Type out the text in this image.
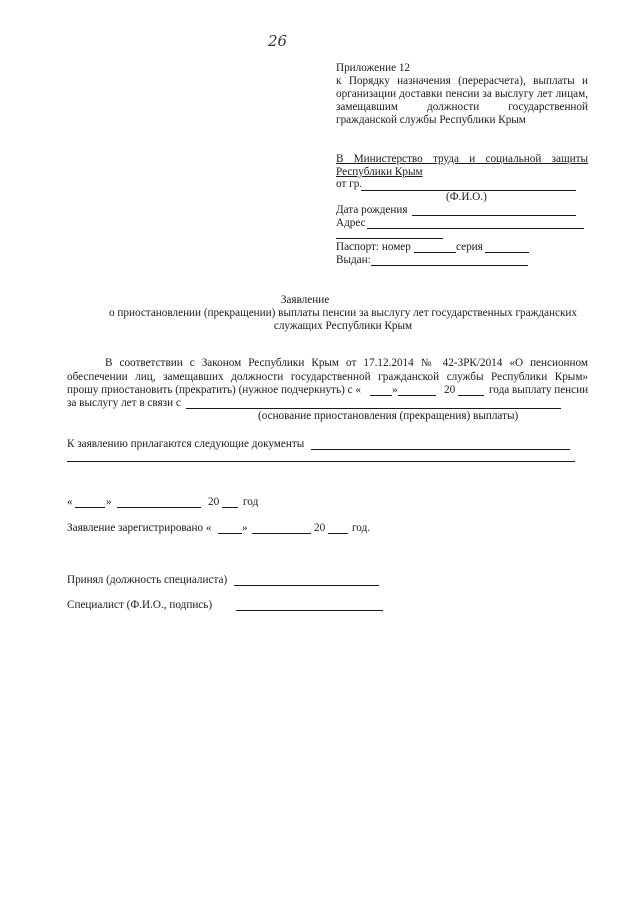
26
Приложение 12
к Порядку назначения (перерасчета), выплаты и
организации доставки пенсии за выслугу лет лицам,
замещавшим должности государственной
гражданской службы Республики Крым
В Министерство труда и социальной защиты
Республики Крым
от гр.
(Ф.И.О.)
Дата рождения
Адрес
Паспорт: номер	серия
Выдан:
Заявление
о приостановлении (прекращении) выплаты пенсии за выслугу лет государственных гражданских
служащих Республики Крым
В соответствии с Законом Республики Крым от 17.12.2014 № 42-ЗРК/2014 «О пенсионном
обеспечении лиц, замещавших должности государственной гражданской службы Республики Крым»
прошу приостановить (прекратить) (нужное подчеркнуть) с «	»	20	года выплату пенсии
за выслугу лет в связи с
(основание приостановления (прекращения) выплаты)
К заявлению прилагаются следующие документы
«	»	20 год
Заявление зарегистрировано «	»	20 год.
Принял (должность специалиста)
Специалист (Ф.И.О., подпись)
